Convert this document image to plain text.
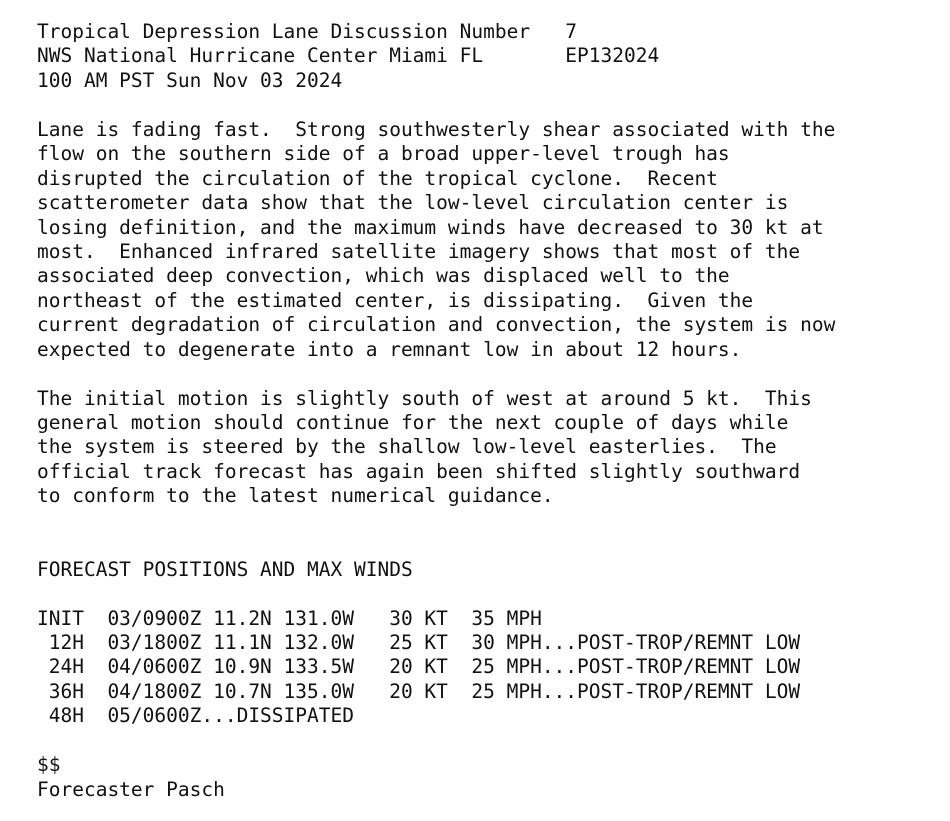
Tropical Depression Lane Discussion Number   7
NWS National Hurricane Center Miami FL       EP132024
100 AM PST Sun Nov 03 2024
Lane is fading fast.  Strong southwesterly shear associated with the
flow on the southern side of a broad upper-level trough has
disrupted the circulation of the tropical cyclone.  Recent
scatterometer data show that the low-level circulation center is
losing definition, and the maximum winds have decreased to 30 kt at
most.  Enhanced infrared satellite imagery shows that most of the
associated deep convection, which was displaced well to the
northeast of the estimated center, is dissipating.  Given the
current degradation of circulation and convection, the system is now
expected to degenerate into a remnant low in about 12 hours.
The initial motion is slightly south of west at around 5 kt.  This
general motion should continue for the next couple of days while
the system is steered by the shallow low-level easterlies.  The
official track forecast has again been shifted slightly southward
to conform to the latest numerical guidance.
FORECAST POSITIONS AND MAX WINDS
INIT  03/0900Z 11.2N 131.0W   30 KT  35 MPH
12H  03/1800Z 11.1N 132.0W   25 KT  30 MPH...POST-TROP/REMNT LOW
24H  04/0600Z 10.9N 133.5W   20 KT  25 MPH...POST-TROP/REMNT LOW
36H  04/1800Z 10.7N 135.0W   20 KT  25 MPH...POST-TROP/REMNT LOW
48H  05/0600Z...DISSIPATED
$$
Forecaster Pasch
